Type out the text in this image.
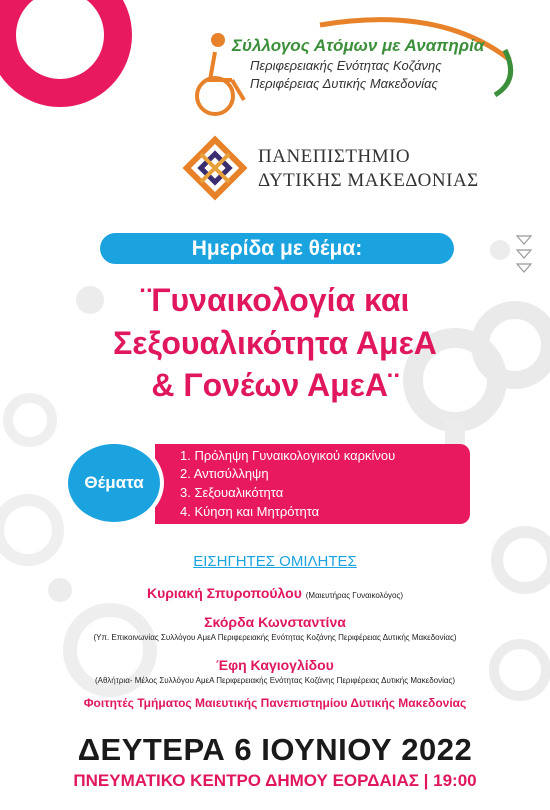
Σύλλογος Ατόμων με Αναπηρία
Περιφερειακής Ενότητας Κοζάνης
Περιφέρειας Δυτικής Μακεδονίας
ΠΑΝΕΠΙΣΤΗΜΙΟ
ΔΥΤΙΚΗΣ ΜΑΚΕΔΟΝΙΑΣ
Ημερίδα με θέμα:
¨Γυναικολογία και
Σεξουαλικότητα ΑμεΑ
& Γονέων ΑμεΑ¨
Θέματα
1. Πρόληψη Γυναικολογικού καρκίνου
2. Αντισύλληψη
3. Σεξουαλικότητα
4. Κύηση και Μητρότητα
ΕΙΣΗΓΗΤΕΣ ΟΜΙΛΗΤΕΣ
Κυριακή Σπυροπούλου (Μαιευτήρας Γυναικολόγος)
Σκόρδα Κωνσταντίνα
(Υπ. Επικοινωνίας Συλλόγου ΑμεΑ Περιφερειακής Ενότητας Κοζάνης Περιφέρειας Δυτικής Μακεδονίας)
Έφη Καγιογλίδου
(Αθλήτρια- Μέλος Συλλόγου ΑμεΑ Περιφερειακής Ενότητας Κοζάνης Περιφέρειας Δυτικής Μακεδονίας)
Φοιτητές Τμήματος Μαιευτικής Πανεπιστημίου Δυτικής Μακεδονίας
ΔΕΥΤΕΡΑ 6 ΙΟΥΝΙΟΥ 2022
ΠΝΕΥΜΑΤΙΚΟ ΚΕΝΤΡΟ ΔΗΜΟΥ ΕΟΡΔΑΙΑΣ | 19:00
